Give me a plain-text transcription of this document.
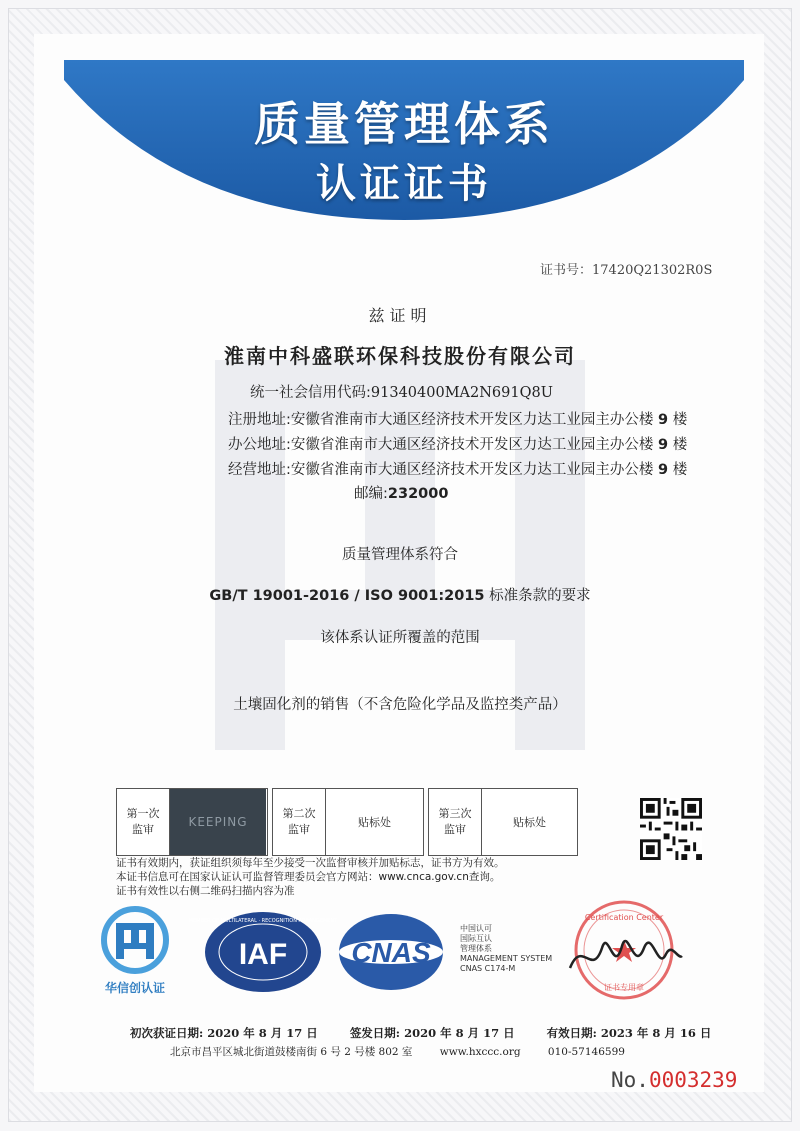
质量管理体系
认证证书
证书号：17420Q21302R0S
兹证明
淮南中科盛联环保科技股份有限公司
统一社会信用代码:91340400MA2N691Q8U
注册地址:安徽省淮南市大通区经济技术开发区力达工业园主办公楼 9 楼
办公地址:安徽省淮南市大通区经济技术开发区力达工业园主办公楼 9 楼
经营地址:安徽省淮南市大通区经济技术开发区力达工业园主办公楼 9 楼
邮编:232000
质量管理体系符合
GB/T 19001-2016 / ISO 9001:2015 标准条款的要求
该体系认证所覆盖的范围
土壤固化剂的销售（不含危险化学品及监控类产品）
第一次
监审
KEEPING
第二次
监审
贴标处
第三次
监审
贴标处
证书有效期内，获证组织须每年至少接受一次监督审核并加贴标志，证书方为有效。
本证书信息可在国家认证认可监督管理委员会官方网站：www.cnca.gov.cn查询。
证书有效性以右侧二维码扫描内容为准
华信创认证
IAF
MEMBER OF MULTILATERAL · RECOGNITION ARRANGEMENT
CNAS
中国认可
国际互认
管理体系
MANAGEMENT SYSTEM
CNAS C174-M
Certification Center
证书专用章
初次获证日期: 2020 年 8 月 17 日	签发日期: 2020 年 8 月 17 日	有效日期: 2023 年 8 月 16 日
北京市昌平区城北街道鼓楼南街 6 号 2 号楼 802 室	www.hxccc.org	010-57146599
No.0003239
